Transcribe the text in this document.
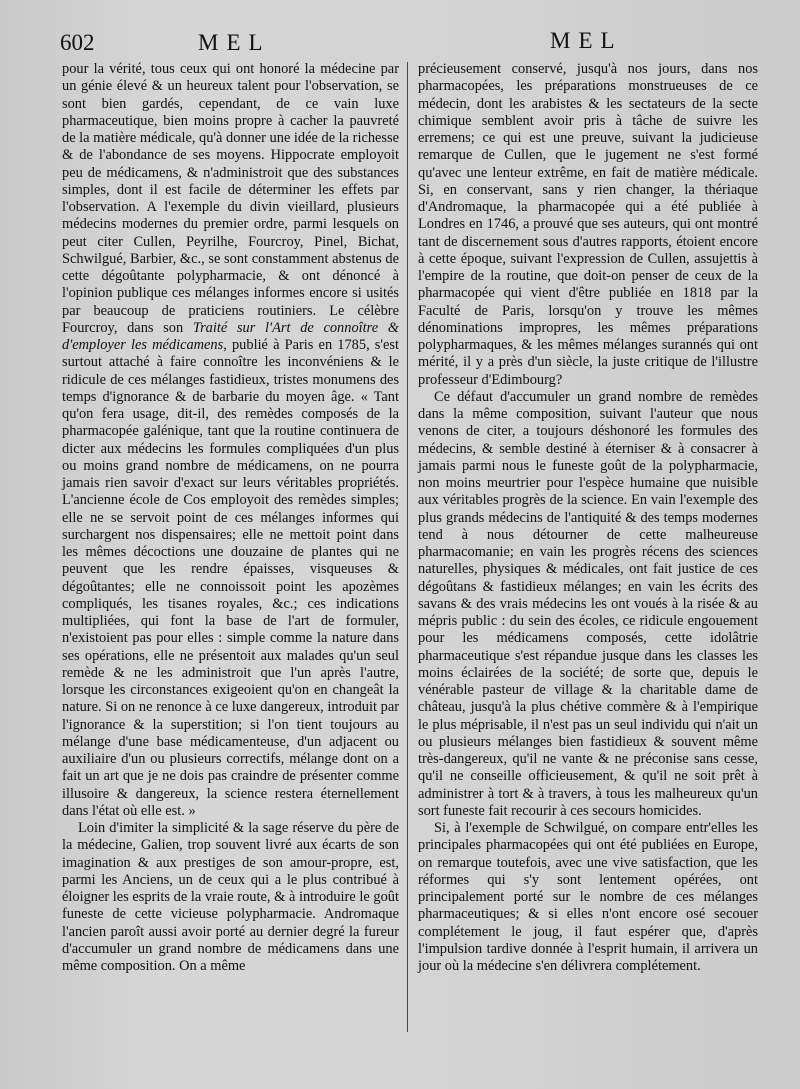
602	MEL	MEL

pour la vérité, tous ceux qui ont honoré la médecine par un génie élevé & un heureux talent pour l'observation, se sont bien gardés, cependant, de ce vain luxe pharmaceutique, bien moins propre à cacher la pauvreté de la matière médicale, qu'à donner une idée de la richesse & de l'abondance de ses moyens. Hippocrate employoit peu de médicamens, & n'administroit que des substances simples, dont il est facile de déterminer les effets par l'observation. A l'exemple du divin vieillard, plusieurs médecins modernes du premier ordre, parmi lesquels on peut citer Cullen, Peyrilhe, Fourcroy, Pinel, Bichat, Schwilgué, Barbier, &c., se sont constamment abstenus de cette dégoûtante polypharmacie, & ont dénoncé à l'opinion publique ces mélanges informes encore si usités par beaucoup de praticiens routiniers. Le célèbre Fourcroy, dans son Traité sur l'Art de connoître & d'employer les médicamens, publié à Paris en 1785, s'est surtout attaché à faire connoître les inconvéniens & le ridicule de ces mélanges fastidieux, tristes monumens des temps d'ignorance & de barbarie du moyen âge. « Tant qu'on fera usage, dit-il, des remèdes composés de la pharmacopée galénique, tant que la routine continuera de dicter aux médecins les formules compliquées d'un plus ou moins grand nombre de médicamens, on ne pourra jamais rien savoir d'exact sur leurs véritables propriétés. L'ancienne école de Cos employoit des remèdes simples; elle ne se servoit point de ces mélanges informes qui surchargent nos dispensaires; elle ne mettoit point dans les mêmes décoctions une douzaine de plantes qui ne peuvent que les rendre épaisses, visqueuses & dégoûtantes; elle ne connoissoit point les apozèmes compliqués, les tisanes royales, &c.; ces indications multipliées, qui font la base de l'art de formuler, n'existoient pas pour elles : simple comme la nature dans ses opérations, elle ne présentoit aux malades qu'un seul remède & ne les administroit que l'un après l'autre, lorsque les circonstances exigeoient qu'on en changeât la nature. Si on ne renonce à ce luxe dangereux, introduit par l'ignorance & la superstition; si l'on tient toujours au mélange d'une base médicamenteuse, d'un adjacent ou auxiliaire d'un ou plusieurs correctifs, mélange dont on a fait un art que je ne dois pas craindre de présenter comme illusoire & dangereux, la science restera éternellement dans l'état où elle est. »

Loin d'imiter la simplicité & la sage réserve du père de la médecine, Galien, trop souvent livré aux écarts de son imagination & aux prestiges de son amour-propre, est, parmi les Anciens, un de ceux qui a le plus contribué à éloigner les esprits de la vraie route, & à introduire le goût funeste de cette vicieuse polypharmacie. Andromaque l'ancien paroît aussi avoir porté au dernier degré la fureur d'accumuler un grand nombre de médicamens dans une même composition. On a même

précieusement conservé, jusqu'à nos jours, dans nos pharmacopées, les préparations monstrueuses de ce médecin, dont les arabistes & les sectateurs de la secte chimique semblent avoir pris à tâche de suivre les erremens; ce qui est une preuve, suivant la judicieuse remarque de Cullen, que le jugement ne s'est formé qu'avec une lenteur extrême, en fait de matière médicale. Si, en conservant, sans y rien changer, la thériaque d'Andromaque, la pharmacopée qui a été publiée à Londres en 1746, a prouvé que ses auteurs, qui ont montré tant de discernement sous d'autres rapports, étoient encore à cette époque, suivant l'expression de Cullen, assujettis à l'empire de la routine, que doit-on penser de ceux de la pharmacopée qui vient d'être publiée en 1818 par la Faculté de Paris, lorsqu'on y trouve les mêmes dénominations impropres, les mêmes préparations polypharmaques, & les mêmes mélanges surannés qui ont mérité, il y a près d'un siècle, la juste critique de l'illustre professeur d'Edimbourg?

Ce défaut d'accumuler un grand nombre de remèdes dans la même composition, suivant l'auteur que nous venons de citer, a toujours déshonoré les formules des médecins, & semble destiné à éterniser & à consacrer à jamais parmi nous le funeste goût de la polypharmacie, non moins meurtrier pour l'espèce humaine que nuisible aux véritables progrès de la science. En vain l'exemple des plus grands médecins de l'antiquité & des temps modernes tend à nous détourner de cette malheureuse pharmacomanie; en vain les progrès récens des sciences naturelles, physiques & médicales, ont fait justice de ces dégoûtans & fastidieux mélanges; en vain les écrits des savans & des vrais médecins les ont voués à la risée & au mépris public : du sein des écoles, ce ridicule engouement pour les médicamens composés, cette idolâtrie pharmaceutique s'est répandue jusque dans les classes les moins éclairées de la société; de sorte que, depuis le vénérable pasteur de village & la charitable dame de château, jusqu'à la plus chétive commère & à l'empirique le plus méprisable, il n'est pas un seul individu qui n'ait un ou plusieurs mélanges bien fastidieux & souvent même très-dangereux, qu'il ne vante & ne préconise sans cesse, qu'il ne conseille officieusement, & qu'il ne soit prêt à administrer à tort & à travers, à tous les malheureux qu'un sort funeste fait recourir à ces secours homicides.

Si, à l'exemple de Schwilgué, on compare entr'elles les principales pharmacopées qui ont été publiées en Europe, on remarque toutefois, avec une vive satisfaction, que les réformes qui s'y sont lentement opérées, ont principalement porté sur le nombre de ces mélanges pharmaceutiques; & si elles n'ont encore osé secouer complétement le joug, il faut espérer que, d'après l'impulsion tardive donnée à l'esprit humain, il arrivera un jour où la médecine s'en délivrera complétement.
